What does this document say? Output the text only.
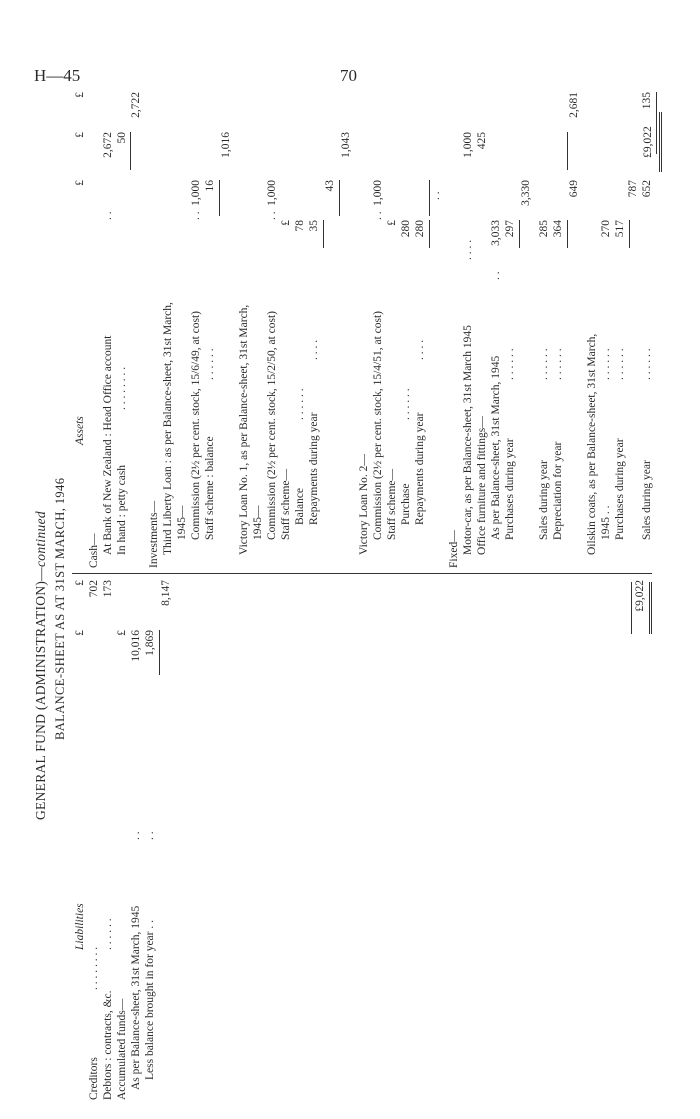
H—45	70
GENERAL FUND (ADMINISTRATION)—continued BALANCE-SHEET AS AT 31ST MARCH, 1946
Liabilities
£
£
Creditors
. . . . . . . .
702
Debtors : contracts, &c.
. . . . . .
173
Accumulated funds—
£
As per Balance-sheet, 31st March, 1945
. .
10,016
Less balance brought in for year . .
. .
1,869
8,147	£9,022
Assets
£
£
£
Cash— At Bank of New Zealand : Head Office account
. .
2,672
In hand : petty cash
. . . . . . . .
50
2,722
Investments— Third Liberty Loan : as per Balance-sheet, 31st March, 1945— Commission (2½ per cent. stock, 15/6/49, at cost)
. .
1,000
Staff scheme : balance
. . . . . .
16
1,016
Victory Loan No. 1, as per Balance-sheet, 31st March, 1945— Commission (2½ per cent. stock, 15/2/50, at cost)
. .
1,000
Staff scheme—
£
Balance
. . . . . .
78
Repayments during year
. . . .
35
43
1,043
Victory Loan No. 2— Commission (2½ per cent. stock, 15/4/51, at cost)
. .
1,000
Staff scheme—
£
Purchase
. . . . . .
280
Repayments during year
. . . .
280
. .
Fixed— Motor-car, as per Balance-sheet, 31st March 1945
. . . .
1,000
Office furniture and fittings—
425
As per Balance-sheet, 31st March, 1945
. .
3,033
Purchases during year
. . . . . .
297
3,330
Sales during year
. . . . . .
285
Depreciation for year
. . . . . .
364
649
2,681
Oilskin coats, as per Balance-sheet, 31st March, 1945 . .
. . . . . .
270
Purchases during year
. . . . . .
517
787
Sales during year
. . . . . .
652
135
£9,022
